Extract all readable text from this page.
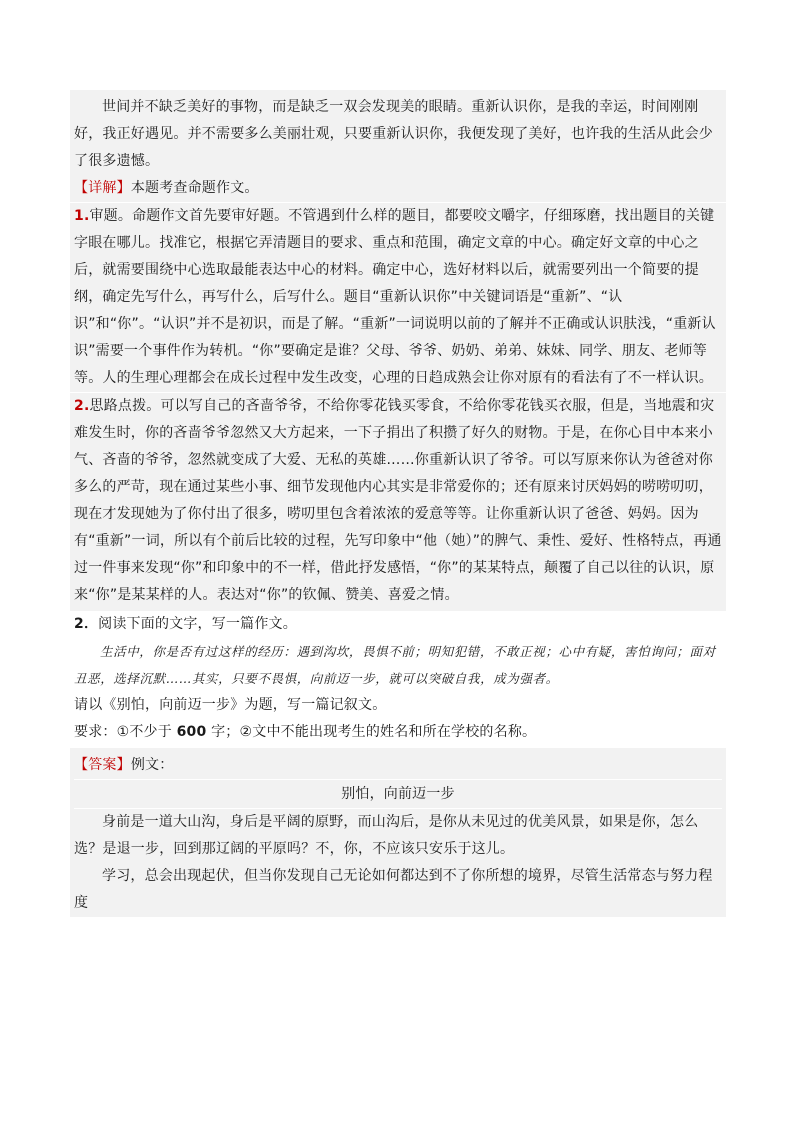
世间并不缺乏美好的事物，而是缺乏一双会发现美的眼睛。重新认识你，是我的幸运，时间刚刚好，我正好遇见。并不需要多么美丽壮观，只要重新认识你，我便发现了美好，也许我的生活从此会少了很多遗憾。

【详解】本题考查命题作文。

1.审题。命题作文首先要审好题。不管遇到什么样的题目，都要咬文嚼字，仔细琢磨，找出题目的关键字眼在哪儿。找准它，根据它弄清题目的要求、重点和范围，确定文章的中心。确定好文章的中心之后，就需要围绕中心选取最能表达中心的材料。确定中心，选好材料以后，就需要列出一个简要的提纲，确定先写什么，再写什么，后写什么。题目“重新认识你”中关键词语是“重新”、“认识”和“你”。“认识”并不是初识，而是了解。“重新”一词说明以前的了解并不正确或认识肤浅，“重新认识”需要一个事件作为转机。“你”要确定是谁？父母、爷爷、奶奶、弟弟、妹妹、同学、朋友、老师等等。人的生理心理都会在成长过程中发生改变，心理的日趋成熟会让你对原有的看法有了不一样认识。

2.思路点拨。可以写自己的吝啬爷爷，不给你零花钱买零食，不给你零花钱买衣服，但是，当地震和灾难发生时，你的吝啬爷爷忽然又大方起来，一下子捐出了积攒了好久的财物。于是，在你心目中本来小气、吝啬的爷爷，忽然就变成了大爱、无私的英雄……你重新认识了爷爷。可以写原来你认为爸爸对你多么的严苛，现在通过某些小事、细节发现他内心其实是非常爱你的；还有原来讨厌妈妈的唠唠叨叨，现在才发现她为了你付出了很多，唠叨里包含着浓浓的爱意等等。让你重新认识了爸爸、妈妈。因为有“重新”一词，所以有个前后比较的过程，先写印象中“他（她）”的脾气、秉性、爱好、性格特点，再通过一件事来发现“你”和印象中的不一样，借此抒发感悟，“你”的某某特点，颠覆了自己以往的认识，原来“你”是某某样的人。表达对“你”的钦佩、赞美、喜爱之情。

2．阅读下面的文字，写一篇作文。

生活中，你是否有过这样的经历：遇到沟坎，畏惧不前；明知犯错，不敢正视；心中有疑，害怕询问；面对丑恶，选择沉默……其实，只要不畏惧，向前迈一步，就可以突破自我，成为强者。

请以《别怕，向前迈一步》为题，写一篇记叙文。

要求：①不少于 600 字；②文中不能出现考生的姓名和所在学校的名称。

【答案】例文：

别怕，向前迈一步

身前是一道大山沟，身后是平阔的原野，而山沟后，是你从未见过的优美风景，如果是你，怎么选？是退一步，回到那辽阔的平原吗？不，你，不应该只安乐于这儿。

学习，总会出现起伏，但当你发现自己无论如何都达到不了你所想的境界，尽管生活常态与努力程度
